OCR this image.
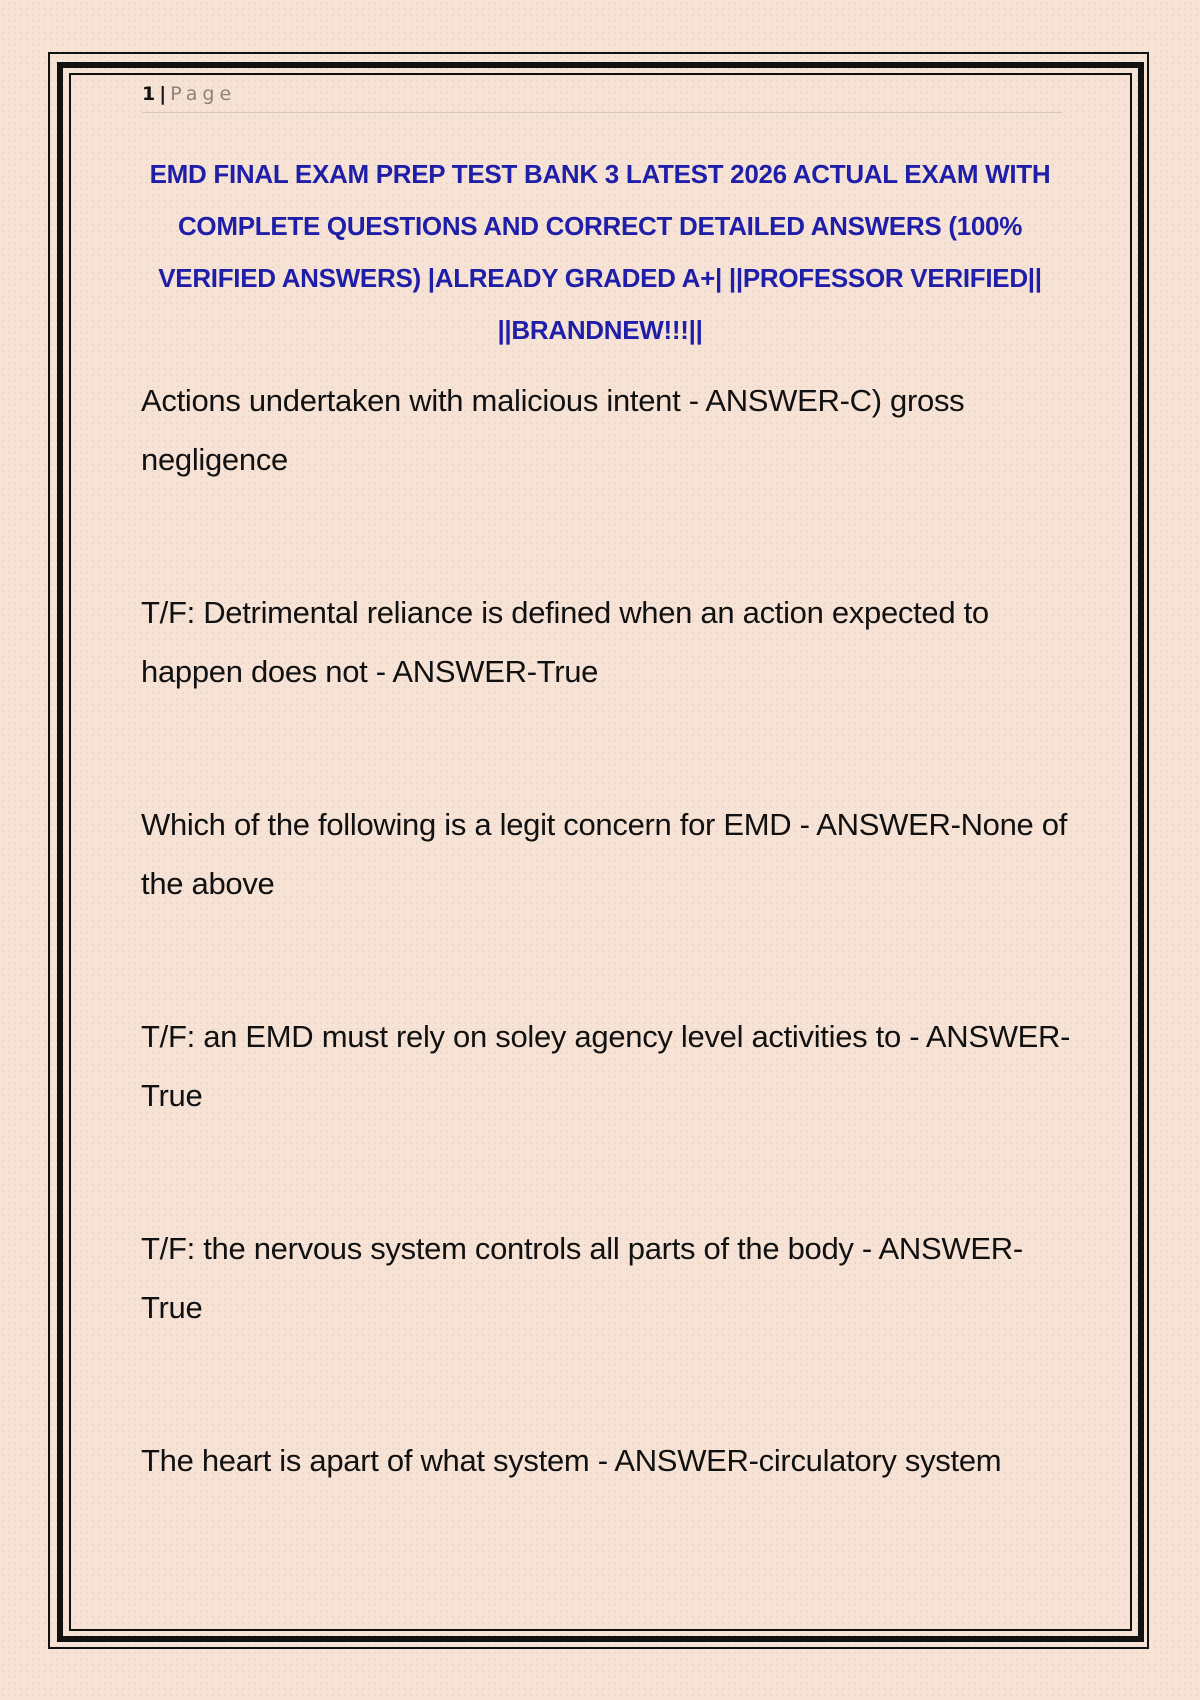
1 | Page
EMD FINAL EXAM PREP TEST BANK 3 LATEST 2026 ACTUAL EXAM WITH COMPLETE QUESTIONS AND CORRECT DETAILED ANSWERS (100% VERIFIED ANSWERS) |ALREADY GRADED A+| ||PROFESSOR VERIFIED|| ||BRANDNEW!!!||

Actions undertaken with malicious intent - ANSWER-C) gross negligence

T/F: Detrimental reliance is defined when an action expected to happen does not - ANSWER-True

Which of the following is a legit concern for EMD - ANSWER-None of the above

T/F: an EMD must rely on soley agency level activities to - ANSWER-True

T/F: the nervous system controls all parts of the body - ANSWER-True

The heart is apart of what system - ANSWER-circulatory system
